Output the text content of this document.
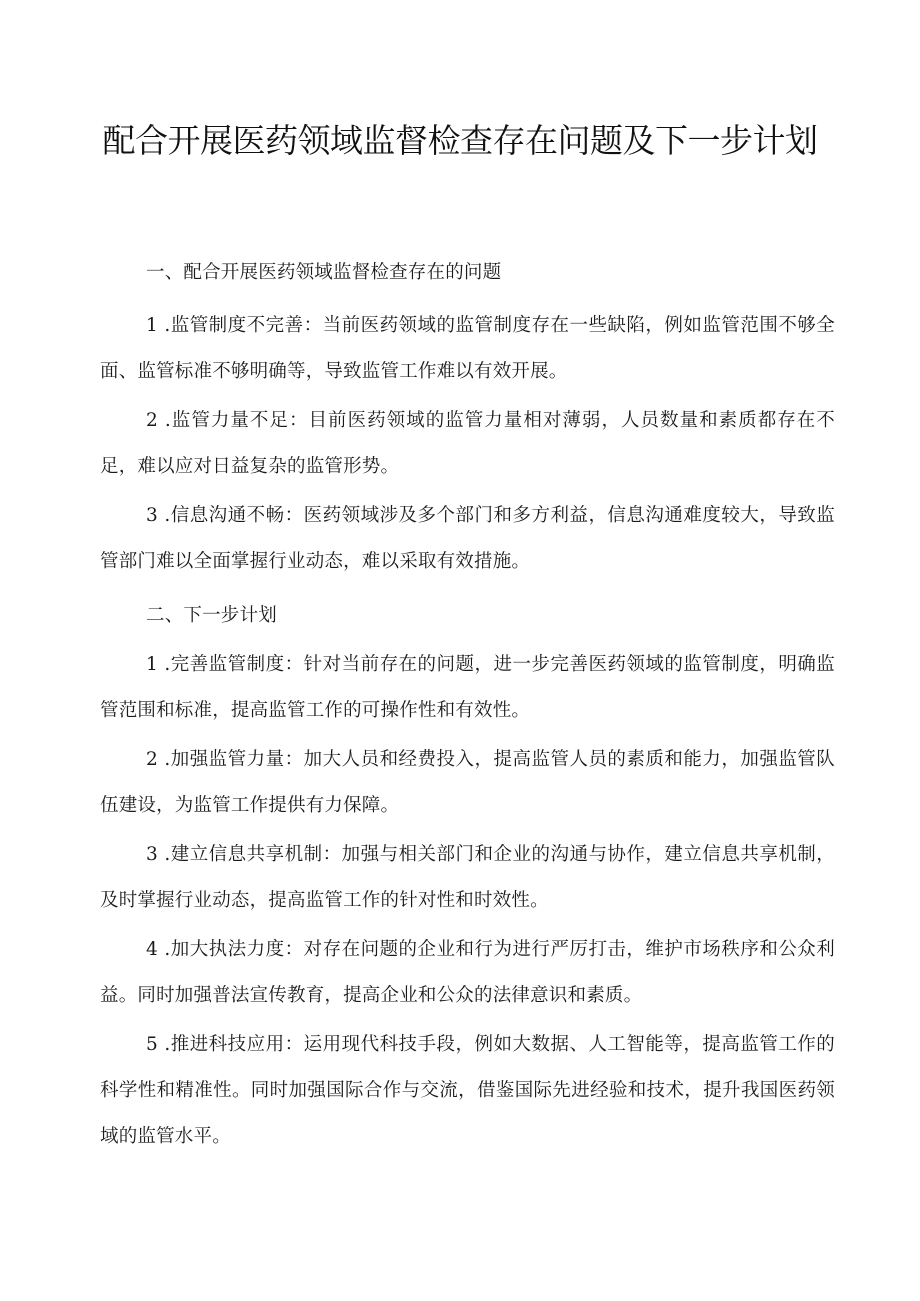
配合开展医药领域监督检查存在问题及下一步计划
一、配合开展医药领域监督检查存在的问题
1 .监管制度不完善：当前医药领域的监管制度存在一些缺陷，例如监管范围不够全面、监管标准不够明确等，导致监管工作难以有效开展。
2 .监管力量不足：目前医药领域的监管力量相对薄弱，人员数量和素质都存在不足，难以应对日益复杂的监管形势。
3 .信息沟通不畅：医药领域涉及多个部门和多方利益，信息沟通难度较大，导致监管部门难以全面掌握行业动态，难以采取有效措施。
二、下一步计划
1 .完善监管制度：针对当前存在的问题，进一步完善医药领域的监管制度，明确监管范围和标准，提高监管工作的可操作性和有效性。
2 .加强监管力量：加大人员和经费投入，提高监管人员的素质和能力，加强监管队伍建设，为监管工作提供有力保障。
3 .建立信息共享机制：加强与相关部门和企业的沟通与协作，建立信息共享机制，及时掌握行业动态，提高监管工作的针对性和时效性。
4 .加大执法力度：对存在问题的企业和行为进行严厉打击，维护市场秩序和公众利益。同时加强普法宣传教育，提高企业和公众的法律意识和素质。
5 .推进科技应用：运用现代科技手段，例如大数据、人工智能等，提高监管工作的科学性和精准性。同时加强国际合作与交流，借鉴国际先进经验和技术，提升我国医药领域的监管水平。
